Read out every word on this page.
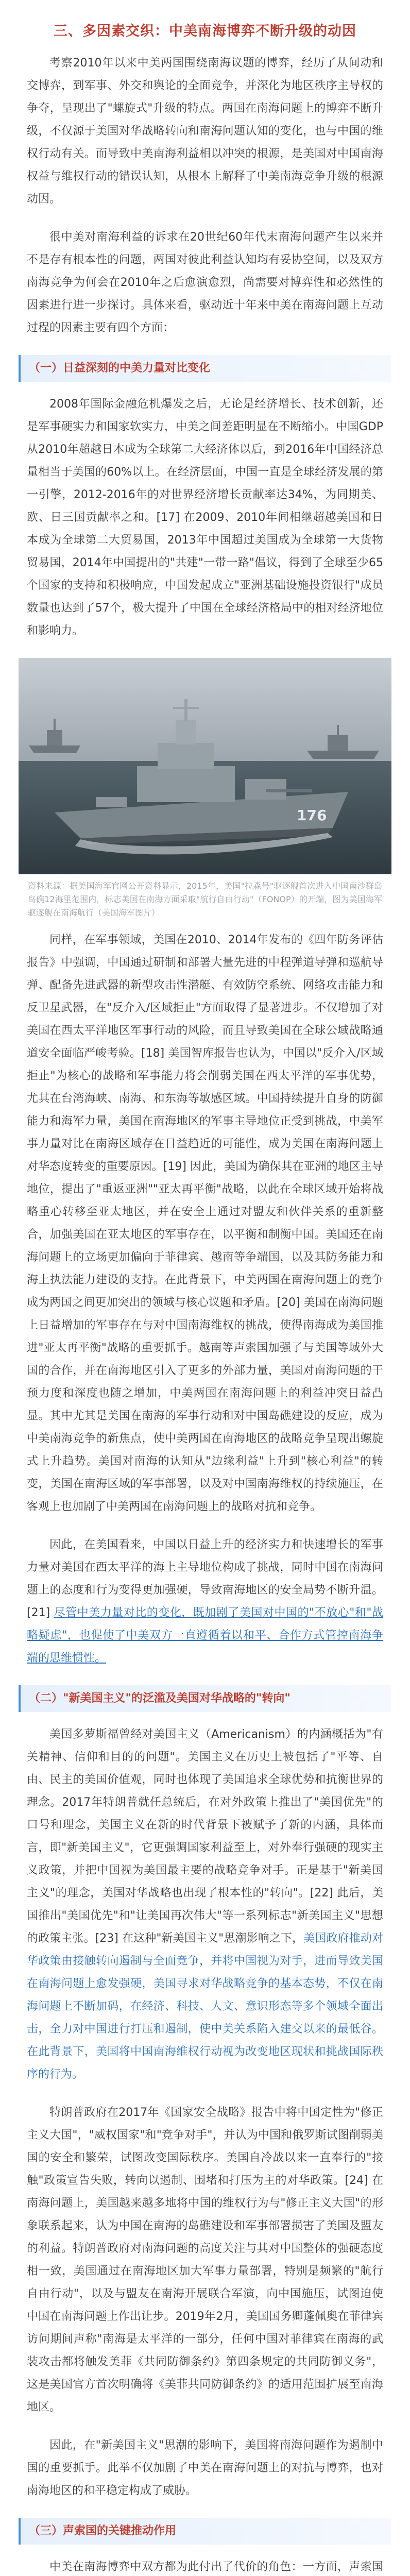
三、多因素交织：中美南海博弈不断升级的动因

考察2010年以来中美两国围绕南海议题的博弈，经历了从间动和交博弈，到军事、外交和舆论的全面竞争，并深化为地区秩序主导权的争夺，呈现出了"螺旋式"升级的特点。两国在南海问题上的博弈不断升级，不仅源于美国对华战略转向和南海问题认知的变化，也与中国的维权行动有关。而导致中美南海利益相以冲突的根源，是美国对中国南海权益与维权行动的错误认知，从根本上解释了中美南海竞争升级的根源动因。

很中美对南海利益的诉求在20世纪60年代末南海问题产生以来并不是存有根本性的问题，两国对彼此利益认知均有妥协空间，以及双方南海竞争为何会在2010年之后愈演愈烈，尚需要对博弈性和必然性的因素进行进一步探讨。具体来看，驱动近十年来中美在南海问题上互动过程的因素主要有四个方面：

（一）日益深刻的中美力量对比变化

2008年国际金融危机爆发之后，无论是经济增长、技术创新，还是军事硬实力和国家软实力，中美之间差距明显在不断缩小。中国GDP从2010年超越日本成为全球第二大经济体以后，到2016年中国经济总量相当于美国的60%以上。在经济层面，中国一直是全球经济发展的第一引擎，2012-2016年的对世界经济增长贡献率达34%，为同期美、欧、日三国贡献率之和。[17] 在2009、2010年间相继超越美国和日本成为全球第二大贸易国，2013年中国超过美国成为全球第一大货物贸易国，2014年中国提出的"共建"一带一路"倡议，得到了全球至少65个国家的支持和积极响应，中国发起成立"亚洲基础设施投资银行"成员数量也达到了57个，极大提升了中国在全球经济格局中的相对经济地位和影响力。

176
资料来源：据美国海军官网公开资料显示，2015年，美国"拉森号"驱逐舰首次进入中国南沙群岛岛礁12海里范围内，标志美国在南海方面采取"航行自由行动"（FONOP）的开端，图为美国海军驱逐舰在南海航行（美国海军图片）

同样，在军事领域，美国在2010、2014年发布的《四年防务评估报告》中强调，中国通过研制和部署大量先进的中程弹道导弹和巡航导弹、配备先进武器的新型攻击性潜艇、有效防空系统、网络攻击能力和反卫星武器，在"反介入/区域拒止"方面取得了显著进步。不仅增加了对美国在西太平洋地区军事行动的风险，而且导致美国在全球公域战略通道安全面临严峻考验。[18] 美国智库报告也认为，中国以"反介入/区域拒止"为核心的战略和军事能力将会削弱美国在西太平洋的军事优势，尤其在台湾海峡、南海、和东海等敏感区域。中国持续提升自身的防御能力和海军力量，美国在南海地区的军事主导地位正受到挑战，中美军事力量对比在南海区域存在日益趋近的可能性，成为美国在南海问题上对华态度转变的重要原因。[19] 因此，美国为确保其在亚洲的地区主导地位，提出了"重返亚洲""亚太再平衡"战略，以此在全球区域开始将战略重心转移至亚太地区，并在安全上通过对盟友和伙伴关系的重新整合，加强美国在亚太地区的军事存在，以平衡和制衡中国。美国还在南海问题上的立场更加偏向于菲律宾、越南等争端国，以及其防务能力和海上执法能力建设的支持。在此背景下，中美两国在南海问题上的竞争成为两国之间更加突出的领域与核心议题和矛盾。[20] 美国在南海问题上日益增加的军事存在与对中国南海维权的挑战，使得南海成为美国推进"亚太再平衡"战略的重要抓手。越南等声索国加强了与美国等域外大国的合作，并在南海地区引入了更多的外部力量，美国对南海问题的干预力度和深度也随之增加，中美两国在南海问题上的利益冲突日益凸显。其中尤其是美国在南海的军事行动和对中国岛礁建设的反应，成为中美南海竞争的新焦点，使中美两国在南海地区的战略竞争呈现出螺旋式上升趋势。美国对南海的认知从"边缘利益"上升到"核心利益"的转变，美国在南海区域的军事部署，以及对中国南海维权的持续施压，在客观上也加剧了中美两国在南海问题上的战略对抗和竞争。

因此，在美国看来，中国以日益上升的经济实力和快速增长的军事力量对美国在西太平洋的海上主导地位构成了挑战，同时中国在南海问题上的态度和行为变得更加强硬，导致南海地区的安全局势不断升温。[21] 尽管中美力量对比的变化，既加剧了美国对中国的"不放心"和"战略疑虑"，也促使了中美双方一直遵循着以和平、合作方式管控南海争端的思维惯性。

（二）"新美国主义"的泛滥及美国对华战略的"转向"

美国多萝斯福曾经对美国主义（Americanism）的内涵概括为"有关精神、信仰和目的的问题"。美国主义在历史上被包括了"平等、自由、民主的美国价值观，同时也体现了美国追求全球优势和抗衡世界的理念。2017年特朗普就任总统后，在对外政策上推出了"美国优先"的口号和理念，美国主义在新的时代背景下被赋予了新的内涵，具体而言，即"新美国主义"，它更强调国家利益至上，对外奉行强硬的现实主义政策，并把中国视为美国最主要的战略竞争对手。正是基于"新美国主义"的理念，美国对华战略也出现了根本性的"转向"。[22] 此后，美国推出"美国优先"和"让美国再次伟大"等一系列标志"新美国主义"思想的政策主张。[23] 在这种"新美国主义"思潮影响之下，美国政府推动对华政策由接触转向遏制与全面竞争，并将中国视为对手，进而导致美国在南海问题上愈发强硬，美国寻求对华战略竞争的基本态势，不仅在南海问题上不断加码，在经济、科技、人文、意识形态等多个领域全面出击，全力对中国进行打压和遏制，使中美关系陷入建交以来的最低谷。在此背景下，美国将中国南海维权行动视为改变地区现状和挑战国际秩序的行为。

特朗普政府在2017年《国家安全战略》报告中将中国定性为"修正主义大国"，"威权国家"和"竞争对手"，并认为中国和俄罗斯试图削弱美国的安全和繁荣，试图改变国际秩序。美国自冷战以来一直奉行的"接触"政策宣告失败，转向以遏制、围堵和打压为主的对华政策。[24] 在南海问题上，美国越来越多地将中国的维权行为与"修正主义大国"的形象联系起来，认为中国在南海的岛礁建设和军事部署损害了美国及盟友的利益。特朗普政府对南海问题的高度关注与其对中国整体的强硬态度相一致，美国通过在南海地区加大军事力量部署，特别是频繁的"航行自由行动"，以及与盟友在南海开展联合军演，向中国施压，试图迫使中国在南海问题上作出让步。2019年2月，美国国务卿蓬佩奥在菲律宾访问期间声称"南海是太平洋的一部分，任何中国对菲律宾在南海的武装攻击都将触发美菲《共同防御条约》第四条规定的共同防御义务"，这是美国官方首次明确将《美菲共同防御条约》的适用范围扩展至南海地区。

因此，在"新美国主义"思潮的影响下，美国将南海问题作为遏制中国的重要抓手。此举不仅加剧了中美在南海问题上的对抗与博弈，也对南海地区的和平稳定构成了威胁。

（三）声索国的关键推动作用

中美在南海博弈中双方都为此付出了代价的角色：一方面，声索国
